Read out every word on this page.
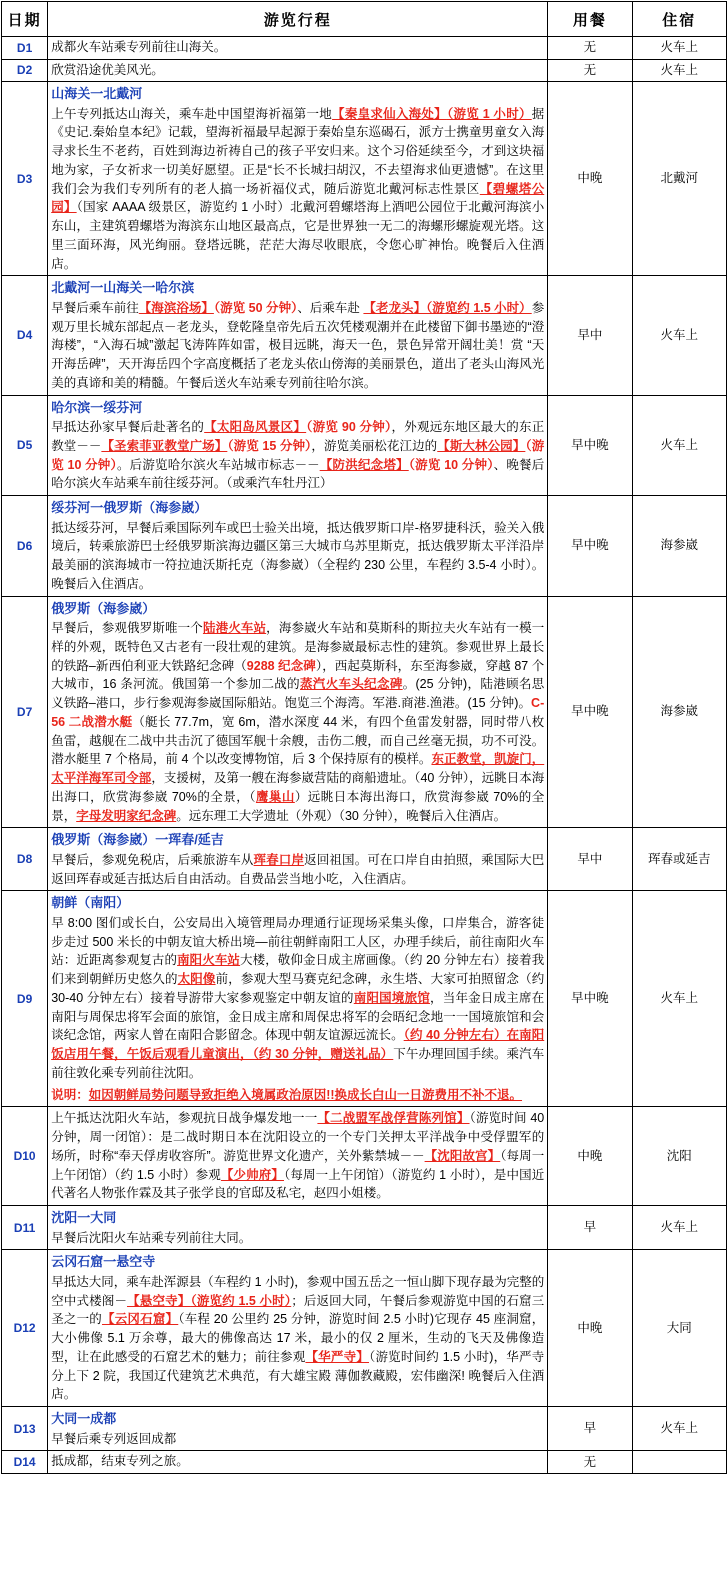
日期	游览行程	用餐	住宿
D1	成都火车站乘专列前往山海关。	无	火车上
D2	欣赏沿途优美风光。	无	火车上
D3	山海关一北戴河
上午专列抵达山海关，乘车赴中国望海祈福第一地【秦皇求仙入海处】（游览 1 小时）据《史记.秦始皇本纪》记载，望海祈福最早起源于秦始皇东巡碣石，派方士携童男童女入海寻求长生不老药，百姓到海边祈祷自己的孩子平安归来。这个习俗延续至今，才到这块福地为家，子女祈求一切美好愿望。正是“长不长城扫胡汉，不去望海求仙更遗憾”。在这里我们会为我们专列所有的老人搞一场祈福仪式，随后游览北戴河标志性景区【碧螺塔公园】（国家 AAAA 级景区，游览约 1 小时）北戴河碧螺塔海上酒吧公园位于北戴河海滨小东山，主建筑碧螺塔为海滨东山地区最高点，它是世界独一无二的海螺形螺旋观光塔。这里三面环海，风光绚丽。登塔远眺，茫茫大海尽收眼底，令您心旷神怡。晚餐后入住酒店。	中晚	北戴河
D4	北戴河一山海关一哈尔滨
早餐后乘车前往【海滨浴场】（游览 50 分钟）、后乘车赴 【老龙头】（游览约 1.5 小时）参观万里长城东部起点－老龙头，登乾隆皇帝先后五次凭楼观潮并在此楼留下御书墨迹的“澄海楼”，“入海石城”激起飞涛阵阵如雷，极目远眺，海天一色，景色异常开阔壮美！赏 “天开海岳碑”，天开海岳四个字高度概括了老龙头依山傍海的美丽景色，道出了老头山海风光美的真谛和美的精髓。午餐后送火车站乘专列前往哈尔滨。	早中	火车上
D5	哈尔滨一绥芬河
早抵达孙家早餐后赴著名的【太阳岛风景区】（游览 90 分钟），外观远东地区最大的东正教堂－－【圣索菲亚教堂广场】（游览 15 分钟），游览美丽松花江边的【斯大林公园】（游览 10 分钟）。后游览哈尔滨火车站城市标志－－【防洪纪念塔】（游览 10 分钟）、晚餐后哈尔滨火车站乘车前往绥芬河。（或乘汽车牡丹江）	早中晚	火车上
D6	绥芬河一俄罗斯（海参崴）
抵达绥芬河，早餐后乘国际列车或巴士验关出境，抵达俄罗斯口岸-格罗捷科沃，验关入俄境后，转乘旅游巴士经俄罗斯滨海边疆区第三大城市乌苏里斯克，抵达俄罗斯太平洋沿岸最美丽的滨海城市一符拉迪沃斯托克（海参崴）（全程约 230 公里，车程约 3.5-4 小时）。晚餐后入住酒店。	早中晚	海参崴
D7	俄罗斯（海参崴）
早餐后，参观俄罗斯唯一个陆港火车站，海参崴火车站和莫斯科的斯拉夫火车站有一模一样的外观，既特色又古老有一段壮观的建筑。是海参崴最标志性的建筑。参观世界上最长的铁路–新西伯利亚大铁路纪念碑（9288 纪念碑），西起莫斯科，东至海参崴，穿越 87 个大城市，16 条河流。俄国第一个参加二战的蒸汽火车头纪念碑。(25 分钟)，陆港顾名思义铁路–港口，步行参观海参崴国际船站。饱览三个海湾。军港.商港.渔港。(15 分钟)。C-56 二战潜水艇（艇长 77.7m，宽 6m，潜水深度 44 米，有四个鱼雷发射器，同时带八枚鱼雷，越舰在二战中共击沉了德国军舰十余艘，击伤二艘，而自己丝毫无损，功不可没。潜水艇里 7 个格局，前 4 个以改变博物馆，后 3 个保持原有的模样。东正教堂，凯旋门，太平洋海军司令部，支援树，及第一艘在海参崴营陆的商船遗址。（40 分钟），远眺日本海出海口，欣赏海参崴 70%的全景，（鹰巢山）远眺日本海出海口，欣赏海参崴 70%的全景，字母发明家纪念碑。远东理工大学遗址（外观）（30 分钟），晚餐后入住酒店。	早中晚	海参崴
D8	俄罗斯（海参崴）一珲春/延吉
早餐后，参观免税店，后乘旅游车从珲春口岸返回祖国。可在口岸自由拍照，乘国际大巴返回珲春或延吉抵达后自由活动。自费品尝当地小吃，入住酒店。	早中	珲春或延吉
D9	朝鲜（南阳）
早 8:00 图们或长白，公安局出入境管理局办理通行证现场采集头像，口岸集合，游客徒步走过 500 米长的中朝友谊大桥出境—前往朝鲜南阳工人区，办理手续后，前往南阳火车站：近距离参观复古的南阳火车站大楼，敬仰金日成主席画像。（约 20 分钟左右）接着我们来到朝鲜历史悠久的太阳像前，参观大型马赛克纪念碑，永生塔、大家可拍照留念（约 30-40 分钟左右）接着导游带大家参观鉴定中朝友谊的南阳国境旅馆，当年金日成主席在南阳与周保忠将军会面的旅馆，金日成主席和周保忠将军的会晤纪念地一一国境旅馆和会谈纪念馆，两家人曾在南阳合影留念。体现中朝友谊源远流长。（约 40 分钟左右）在南阳饭店用午餐，午饭后观看儿童演出，（约 30 分钟，赠送礼品）下午办理回国手续。乘汽车前往敦化乘专列前往沈阳。
说明：如因朝鲜局势问题导致拒绝入境属政治原因!!换成长白山一日游费用不补不退。	早中晚	火车上
D10	上午抵达沈阳火车站，参观抗日战争爆发地一一【二战盟军战俘营陈列馆】（游览时间 40 分钟，周一闭馆）：是二战时期日本在沈阳设立的一个专门关押太平洋战争中受俘盟军的场所，时称“奉天俘虏收容所”。游览世界文化遗产，关外紫禁城－－【沈阳故宫】（每周一上午闭馆）（约 1.5 小时）参观【少帅府】（每周一上午闭馆）（游览约 1 小时），是中国近代著名人物张作霖及其子张学良的官邸及私宅，赵四小姐楼。	中晚	沈阳
D11	沈阳一大同
早餐后沈阳火车站乘专列前往大同。	早	火车上
D12	云冈石窟一悬空寺
早抵达大同，乘车赴浑源县（车程约 1 小时)，参观中国五岳之一恒山脚下现存最为完整的空中式楼阁－【悬空寺】（游览约 1.5 小时）；后返回大同，午餐后参观游览中国的石窟三圣之一的【云冈石窟】（车程 20 公里约 25 分钟，游览时间 2.5 小时)它现存 45 座洞窟，大小佛像 5.1 万余尊，最大的佛像高达 17 米，最小的仅 2 厘米，生动的飞天及佛像造型，让在此感受的石窟艺术的魅力；前往参观【华严寺】（游览时间约 1.5 小时)，华严寺分上下 2 院，我国辽代建筑艺术典范，有大雄宝殿 薄伽教藏殿，宏伟幽深! 晚餐后入住酒店。	中晚	大同
D13	大同一成都
早餐后乘专列返回成都	早	火车上
D14	抵成都，结束专列之旅。	无	
